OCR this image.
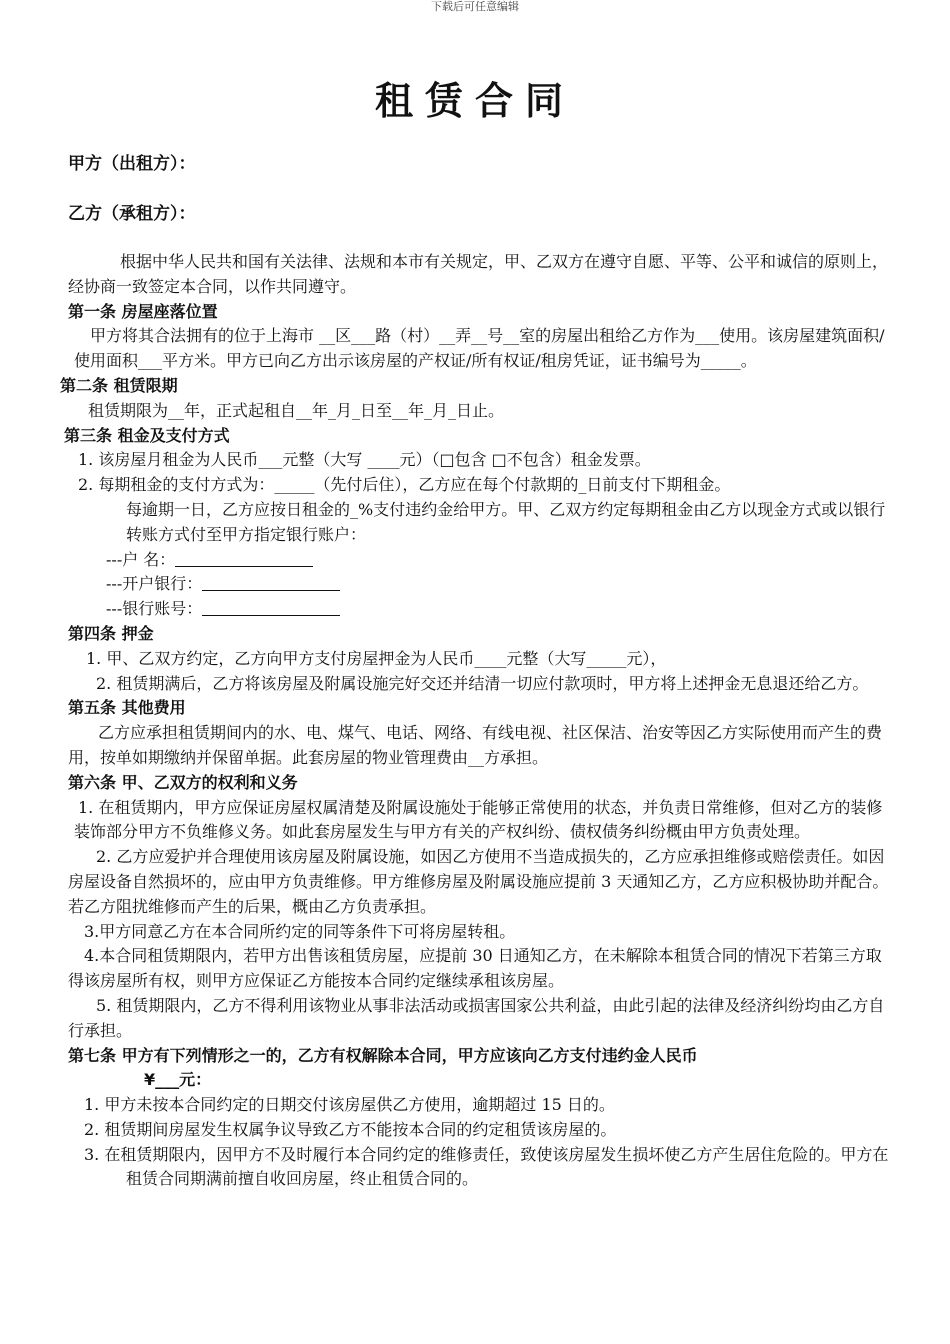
下载后可任意编辑
租赁合同
甲方（出租方）：
乙方（承租方）：

根据中华人民共和国有关法律、法规和本市有关规定，甲、乙双方在遵守自愿、平等、公平和诚信的原则上，经协商一致签定本合同，以作共同遵守。

第一条 房屋座落位置

甲方将其合法拥有的位于上海市 __区___路（村）__弄__号__室的房屋出租给乙方作为___使用。该房屋建筑面积/使用面积___平方米。甲方已向乙方出示该房屋的产权证/所有权证/租房凭证，证书编号为_____。

第二条 租赁限期

租赁期限为__年，正式起租自__年_月_日至__年_月_日止。

第三条 租金及支付方式

1. 该房屋月租金为人民币___元整（大写 ____元）（□包含 □不包含）租金发票。

2. 每期租金的支付方式为：_____（先付后住），乙方应在每个付款期的_日前支付下期租金。

每逾期一日，乙方应按日租金的_%支付违约金给甲方。甲、乙双方约定每期租金由乙方以现金方式或以银行转账方式付至甲方指定银行账户：

---户 名：

---开户银行：

---银行账号：

第四条 押金

1. 甲、乙双方约定，乙方向甲方支付房屋押金为人民币____元整（大写_____元），

2. 租赁期满后，乙方将该房屋及附属设施完好交还并结清一切应付款项时，甲方将上述押金无息退还给乙方。

第五条 其他费用

乙方应承担租赁期间内的水、电、煤气、电话、网络、有线电视、社区保洁、治安等因乙方实际使用而产生的费用，按单如期缴纳并保留单据。此套房屋的物业管理费由__方承担。

第六条 甲、乙双方的权利和义务

1. 在租赁期内，甲方应保证房屋权属清楚及附属设施处于能够正常使用的状态，并负责日常维修，但对乙方的装修装饰部分甲方不负维修义务。如此套房屋发生与甲方有关的产权纠纷、债权债务纠纷概由甲方负责处理。

2. 乙方应爱护并合理使用该房屋及附属设施，如因乙方使用不当造成损失的，乙方应承担维修或赔偿责任。如因房屋设备自然损坏的，应由甲方负责维修。甲方维修房屋及附属设施应提前 3 天通知乙方，乙方应积极协助并配合。若乙方阻扰维修而产生的后果，概由乙方负责承担。

3.甲方同意乙方在本合同所约定的同等条件下可将房屋转租。

4.本合同租赁期限内，若甲方出售该租赁房屋，应提前 30 日通知乙方，在未解除本租赁合同的情况下若第三方取得该房屋所有权，则甲方应保证乙方能按本合同约定继续承租该房屋。

5. 租赁期限内，乙方不得利用该物业从事非法活动或损害国家公共利益，由此引起的法律及经济纠纷均由乙方自行承担。

第七条 甲方有下列情形之一的，乙方有权解除本合同，甲方应该向乙方支付违约金人民币

¥___元：

1. 甲方未按本合同约定的日期交付该房屋供乙方使用，逾期超过 15 日的。

2. 租赁期间房屋发生权属争议导致乙方不能按本合同的约定租赁该房屋的。

3. 在租赁期限内，因甲方不及时履行本合同约定的维修责任，致使该房屋发生损坏使乙方产生居住危险的。甲方在租赁合同期满前擅自收回房屋，终止租赁合同的。
